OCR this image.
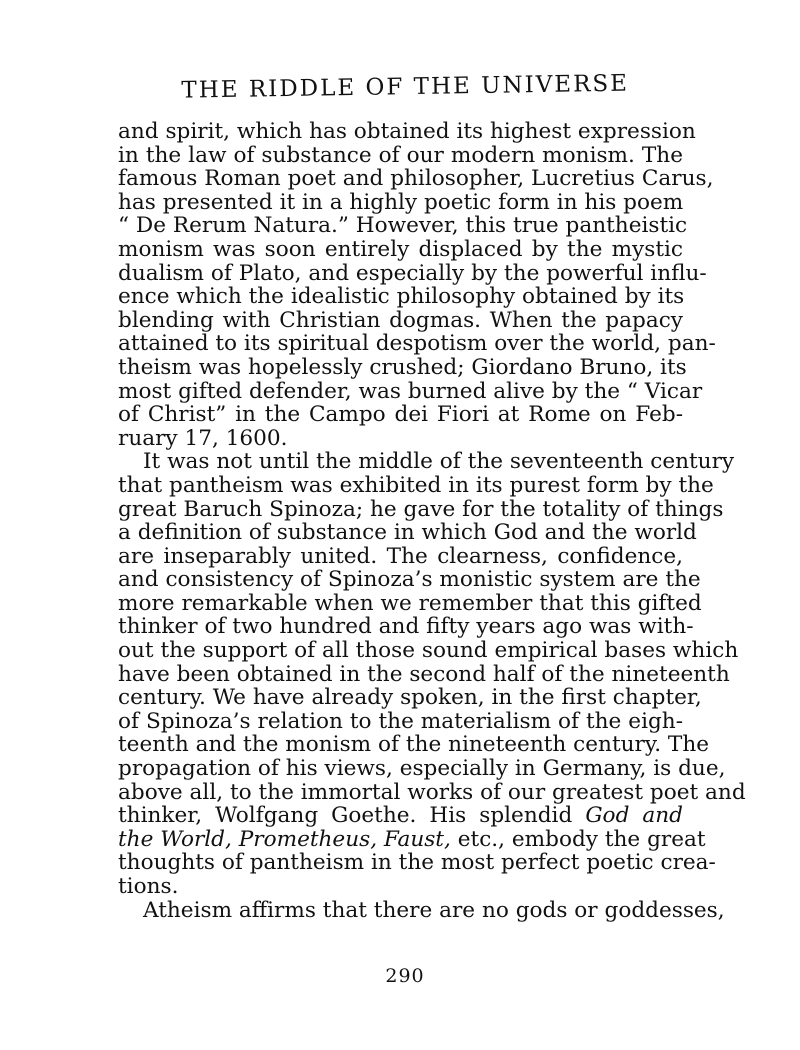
THE RIDDLE OF THE UNIVERSE
and spirit, which has obtained its highest expression
in the law of substance of our modern monism. The
famous Roman poet and philosopher, Lucretius Carus,
has presented it in a highly poetic form in his poem
“ De Rerum Natura.” However, this true pantheistic
monism was soon entirely displaced by the mystic
dualism of Plato, and especially by the powerful influ-
ence which the idealistic philosophy obtained by its
blending with Christian dogmas. When the papacy
attained to its spiritual despotism over the world, pan-
theism was hopelessly crushed; Giordano Bruno, its
most gifted defender, was burned alive by the “ Vicar
of Christ” in the Campo dei Fiori at Rome on Feb-
ruary 17, 1600.
It was not until the middle of the seventeenth century
that pantheism was exhibited in its purest form by the
great Baruch Spinoza; he gave for the totality of things
a definition of substance in which God and the world
are inseparably united. The clearness, confidence,
and consistency of Spinoza’s monistic system are the
more remarkable when we remember that this gifted
thinker of two hundred and fifty years ago was with-
out the support of all those sound empirical bases which
have been obtained in the second half of the nineteenth
century. We have already spoken, in the first chapter,
of Spinoza’s relation to the materialism of the eigh-
teenth and the monism of the nineteenth century. The
propagation of his views, especially in Germany, is due,
above all, to the immortal works of our greatest poet and
thinker, Wolfgang Goethe. His splendid God and
the World, Prometheus, Faust, etc., embody the great
thoughts of pantheism in the most perfect poetic crea-
tions.
Atheism affirms that there are no gods or goddesses,
290
